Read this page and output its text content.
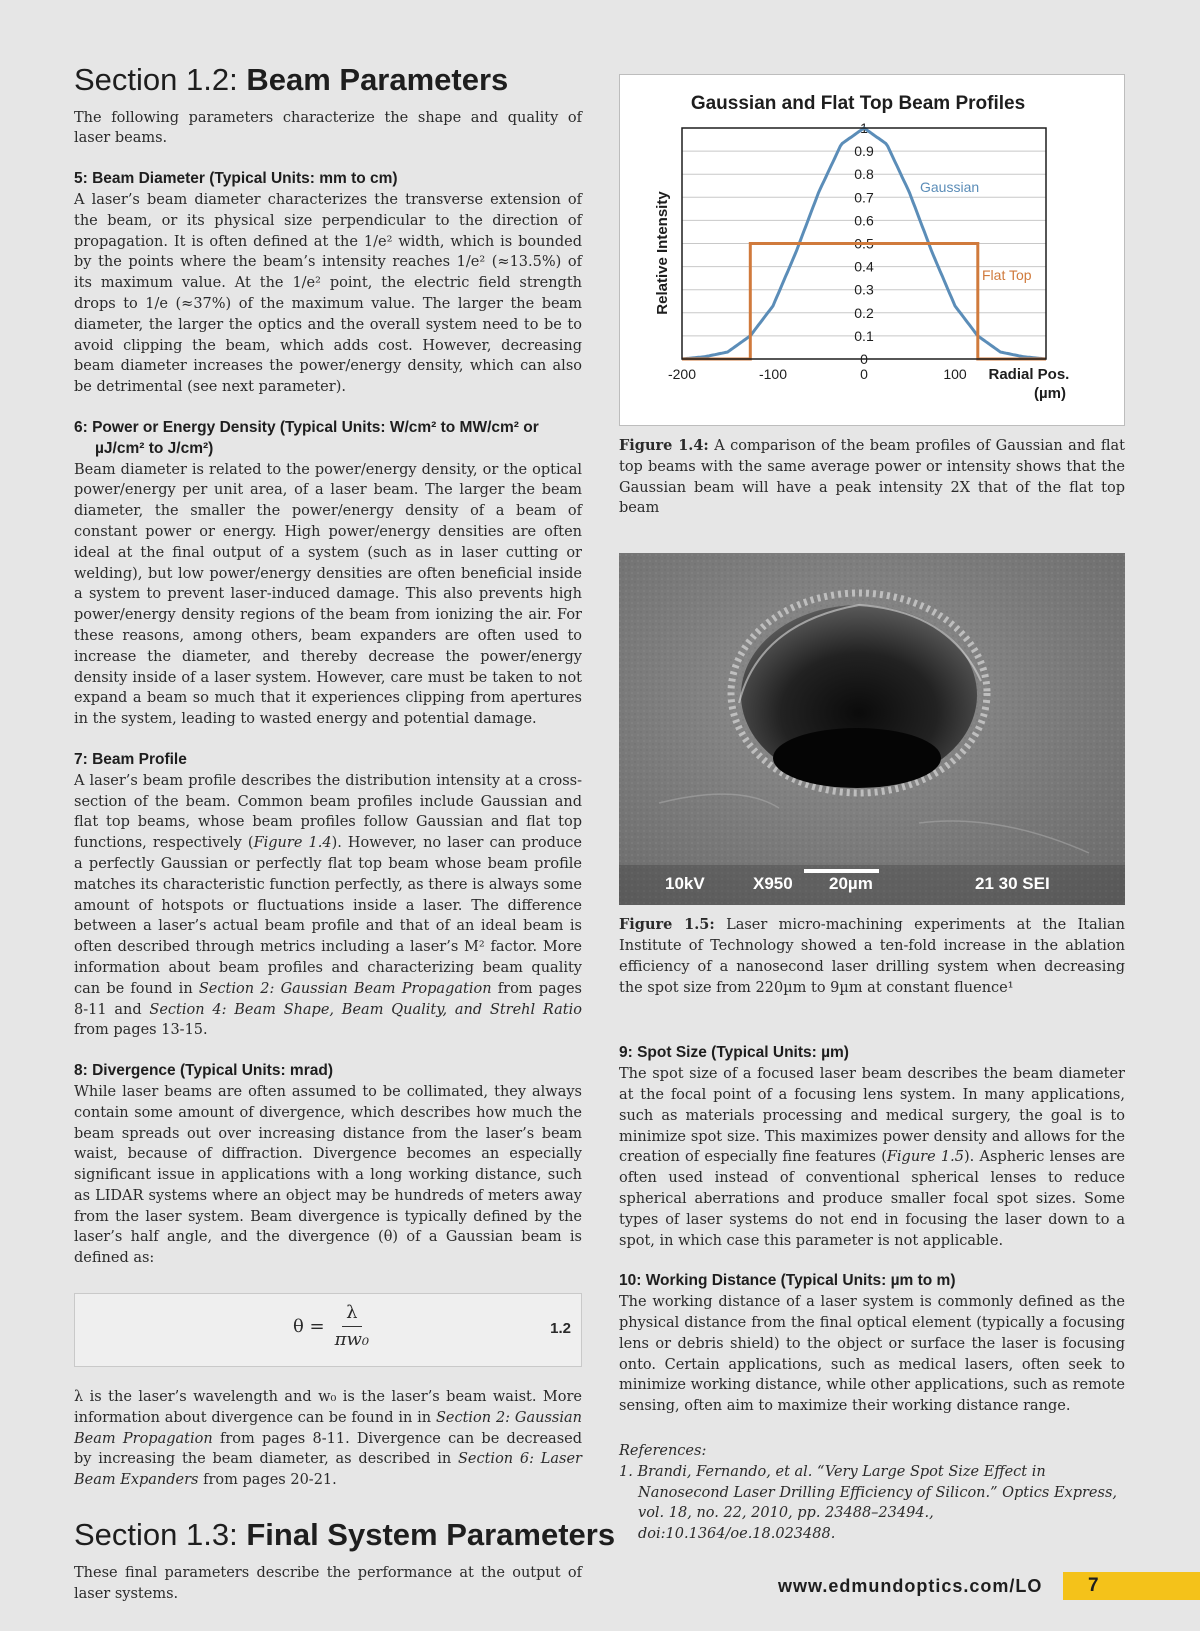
Section 1.2: Beam Parameters

The following parameters characterize the shape and quality of laser beams.

5: Beam Diameter (Typical Units: mm to cm)

A laser’s beam diameter characterizes the transverse extension of the beam, or its physical size perpendicular to the direction of propagation. It is often defined at the 1/e² width, which is bounded by the points where the beam’s intensity reaches 1/e² (≈13.5%) of its maximum value. At the 1/e² point, the electric field strength drops to 1/e (≈37%) of the maximum value. The larger the beam diameter, the larger the optics and the overall system need to be to avoid clipping the beam, which adds cost. However, decreasing beam diameter increases the power/energy density, which can also be detrimental (see next parameter).

6: Power or Energy Density (Typical Units: W/cm² to MW/cm² or µJ/cm² to J/cm²)

Beam diameter is related to the power/energy density, or the optical power/energy per unit area, of a laser beam. The larger the beam diameter, the smaller the power/energy density of a beam of constant power or energy. High power/energy densities are often ideal at the final output of a system (such as in laser cutting or welding), but low power/energy densities are often beneficial inside a system to prevent laser-induced damage. This also prevents high power/energy density regions of the beam from ionizing the air. For these reasons, among others, beam expanders are often used to increase the diameter, and thereby decrease the power/energy density inside of a laser system. However, care must be taken to not expand a beam so much that it experiences clipping from apertures in the system, leading to wasted energy and potential damage.

7: Beam Profile

A laser’s beam profile describes the distribution intensity at a cross-section of the beam. Common beam profiles include Gaussian and flat top beams, whose beam profiles follow Gaussian and flat top functions, respectively (Figure 1.4). However, no laser can produce a perfectly Gaussian or perfectly flat top beam whose beam profile matches its characteristic function perfectly, as there is always some amount of hotspots or fluctuations inside a laser. The difference between a laser’s actual beam profile and that of an ideal beam is often described through metrics including a laser’s M² factor. More information about beam profiles and characterizing beam quality can be found in Section 2: Gaussian Beam Propagation from pages 8-11 and Section 4: Beam Shape, Beam Quality, and Strehl Ratio from pages 13-15.

8: Divergence (Typical Units: mrad)

While laser beams are often assumed to be collimated, they always contain some amount of divergence, which describes how much the beam spreads out over increasing distance from the laser’s beam waist, because of diffraction. Divergence becomes an especially significant issue in applications with a long working distance, such as LIDAR systems where an object may be hundreds of meters away from the laser system. Beam divergence is typically defined by the laser’s half angle, and the divergence (θ) of a Gaussian beam is defined as:

$\theta = \frac{\lambda}{\text{πw₀}}$	1.2

λ is the laser’s wavelength and w₀ is the laser’s beam waist. More information about divergence can be found in in Section 2: Gaussian Beam Propagation from pages 8-11. Divergence can be decreased by increasing the beam diameter, as described in Section 6: Laser Beam Expanders from pages 20-21.

Section 1.3: Final System Parameters

These final parameters describe the performance at the output of laser systems.

Gaussian and Flat Top Beam Profiles
Relative Intensity
0
0.1
0.2
0.3
0.4
0.5
0.6
0.7
0.8
0.9
1
-200	-100	0	100
Gaussian
Flat Top
Radial Pos. (µm)

Figure 1.4: A comparison of the beam profiles of Gaussian and flat top beams with the same average power or intensity shows that the Gaussian beam will have a peak intensity 2X that of the flat top beam

10kV	X950 20µm	21 30 SEI

Figure 1.5: Laser micro-machining experiments at the Italian Institute of Technology showed a ten-fold increase in the ablation efficiency of a nanosecond laser drilling system when decreasing the spot size from 220µm to 9µm at constant fluence¹

9: Spot Size (Typical Units: µm)

The spot size of a focused laser beam describes the beam diameter at the focal point of a focusing lens system. In many applications, such as materials processing and medical surgery, the goal is to minimize spot size. This maximizes power density and allows for the creation of especially fine features (Figure 1.5). Aspheric lenses are often used instead of conventional spherical lenses to reduce spherical aberrations and produce smaller focal spot sizes. Some types of laser systems do not end in focusing the laser down to a spot, in which case this parameter is not applicable.

10: Working Distance (Typical Units: µm to m)

The working distance of a laser system is commonly defined as the physical distance from the final optical element (typically a focusing lens or debris shield) to the object or surface the laser is focusing onto. Certain applications, such as medical lasers, often seek to minimize working distance, while other applications, such as remote sensing, often aim to maximize their working distance range.

References:
1. Brandi, Fernando, et al. “Very Large Spot Size Effect in Nanosecond Laser Drilling Efficiency of Silicon.” Optics Express, vol. 18, no. 22, 2010, pp. 23488–23494., doi:10.1364/oe.18.023488.
www.edmundoptics.com/LO 7
